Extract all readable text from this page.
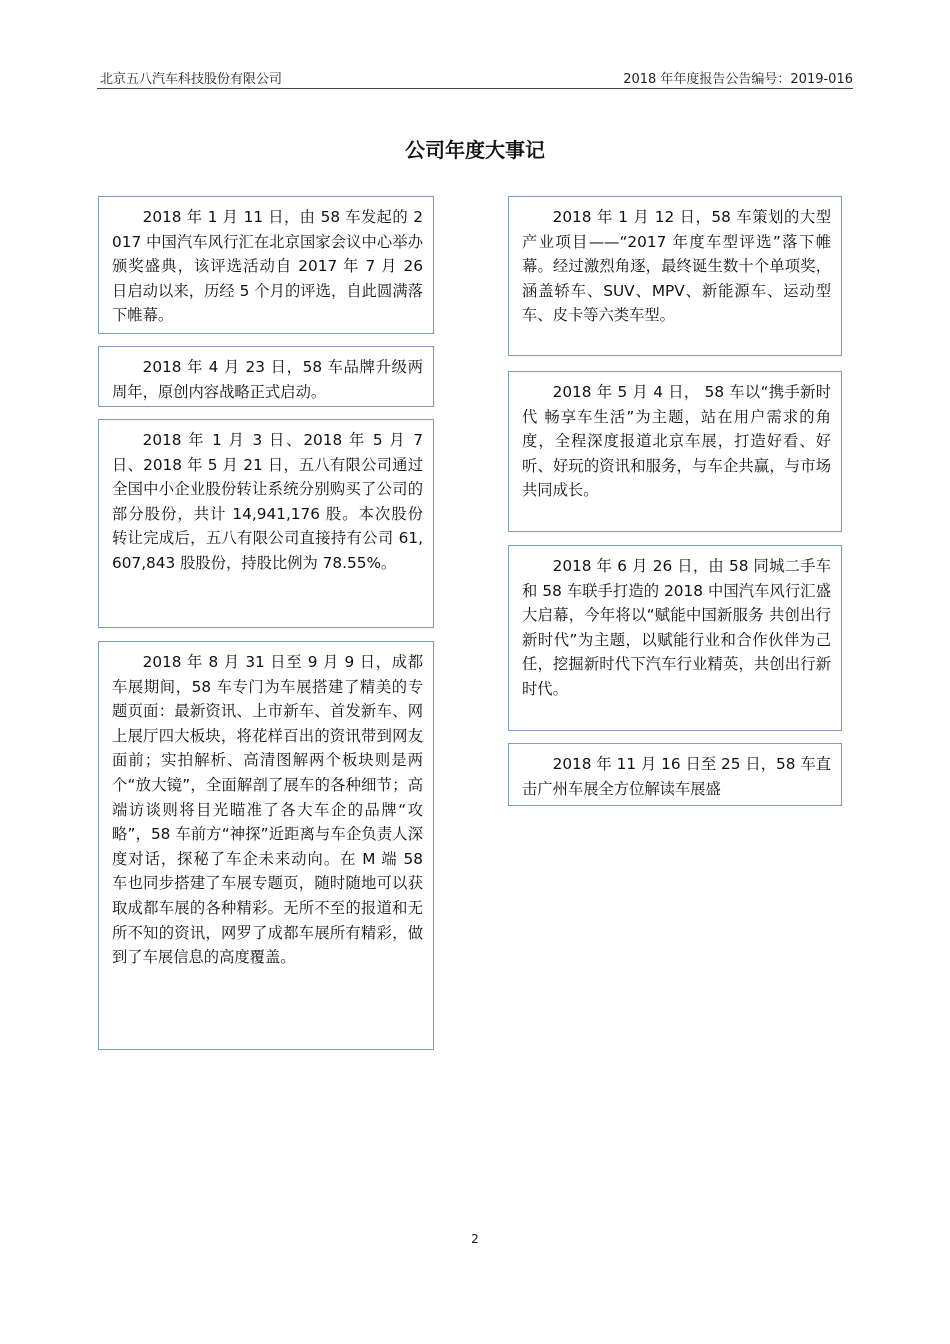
北京五八汽车科技股份有限公司	2018 年年度报告公告编号：2019-016
公司年度大事记
2018 年 1 月 11 日，由 58 车发起的 2017 中国汽车风行汇在北京国家会议中心举办颁奖盛典，该评选活动自 2017 年 7 月 26 日启动以来，历经 5 个月的评选，自此圆满落下帷幕。
2018 年 4 月 23 日，58 车品牌升级两周年，原创内容战略正式启动。
2018 年 1 月 3 日、2018 年 5 月 7 日、2018 年 5 月 21 日，五八有限公司通过全国中小企业股份转让系统分别购买了公司的部分股份，共计 14,941,176 股。本次股份转让完成后，五八有限公司直接持有公司 61,607,843 股股份，持股比例为 78.55%。
2018 年 8 月 31 日至 9 月 9 日，成都车展期间，58 车专门为车展搭建了精美的专题页面：最新资讯、上市新车、首发新车、网上展厅四大板块，将花样百出的资讯带到网友面前；实拍解析、高清图解两个板块则是两个“放大镜”，全面解剖了展车的各种细节；高端访谈则将目光瞄准了各大车企的品牌“攻略”，58 车前方“神探”近距离与车企负责人深度对话，探秘了车企未来动向。在 M 端 58 车也同步搭建了车展专题页，随时随地可以获取成都车展的各种精彩。无所不至的报道和无所不知的资讯，网罗了成都车展所有精彩，做到了车展信息的高度覆盖。
2018 年 1 月 12 日，58 车策划的大型产业项目——“2017 年度车型评选”落下帷幕。经过激烈角逐，最终诞生数十个单项奖，涵盖轿车、SUV、MPV、新能源车、运动型车、皮卡等六类车型。
2018 年 5 月 4 日， 58 车以“携手新时代 畅享车生活”为主题，站在用户需求的角度，全程深度报道北京车展，打造好看、好听、好玩的资讯和服务，与车企共赢，与市场共同成长。
2018 年 6 月 26 日，由 58 同城二手车和 58 车联手打造的 2018 中国汽车风行汇盛大启幕，今年将以“赋能中国新服务 共创出行新时代”为主题，以赋能行业和合作伙伴为己任，挖掘新时代下汽车行业精英，共创出行新时代。
2018 年 11 月 16 日至 25 日，58 车直击广州车展全方位解读车展盛
2
